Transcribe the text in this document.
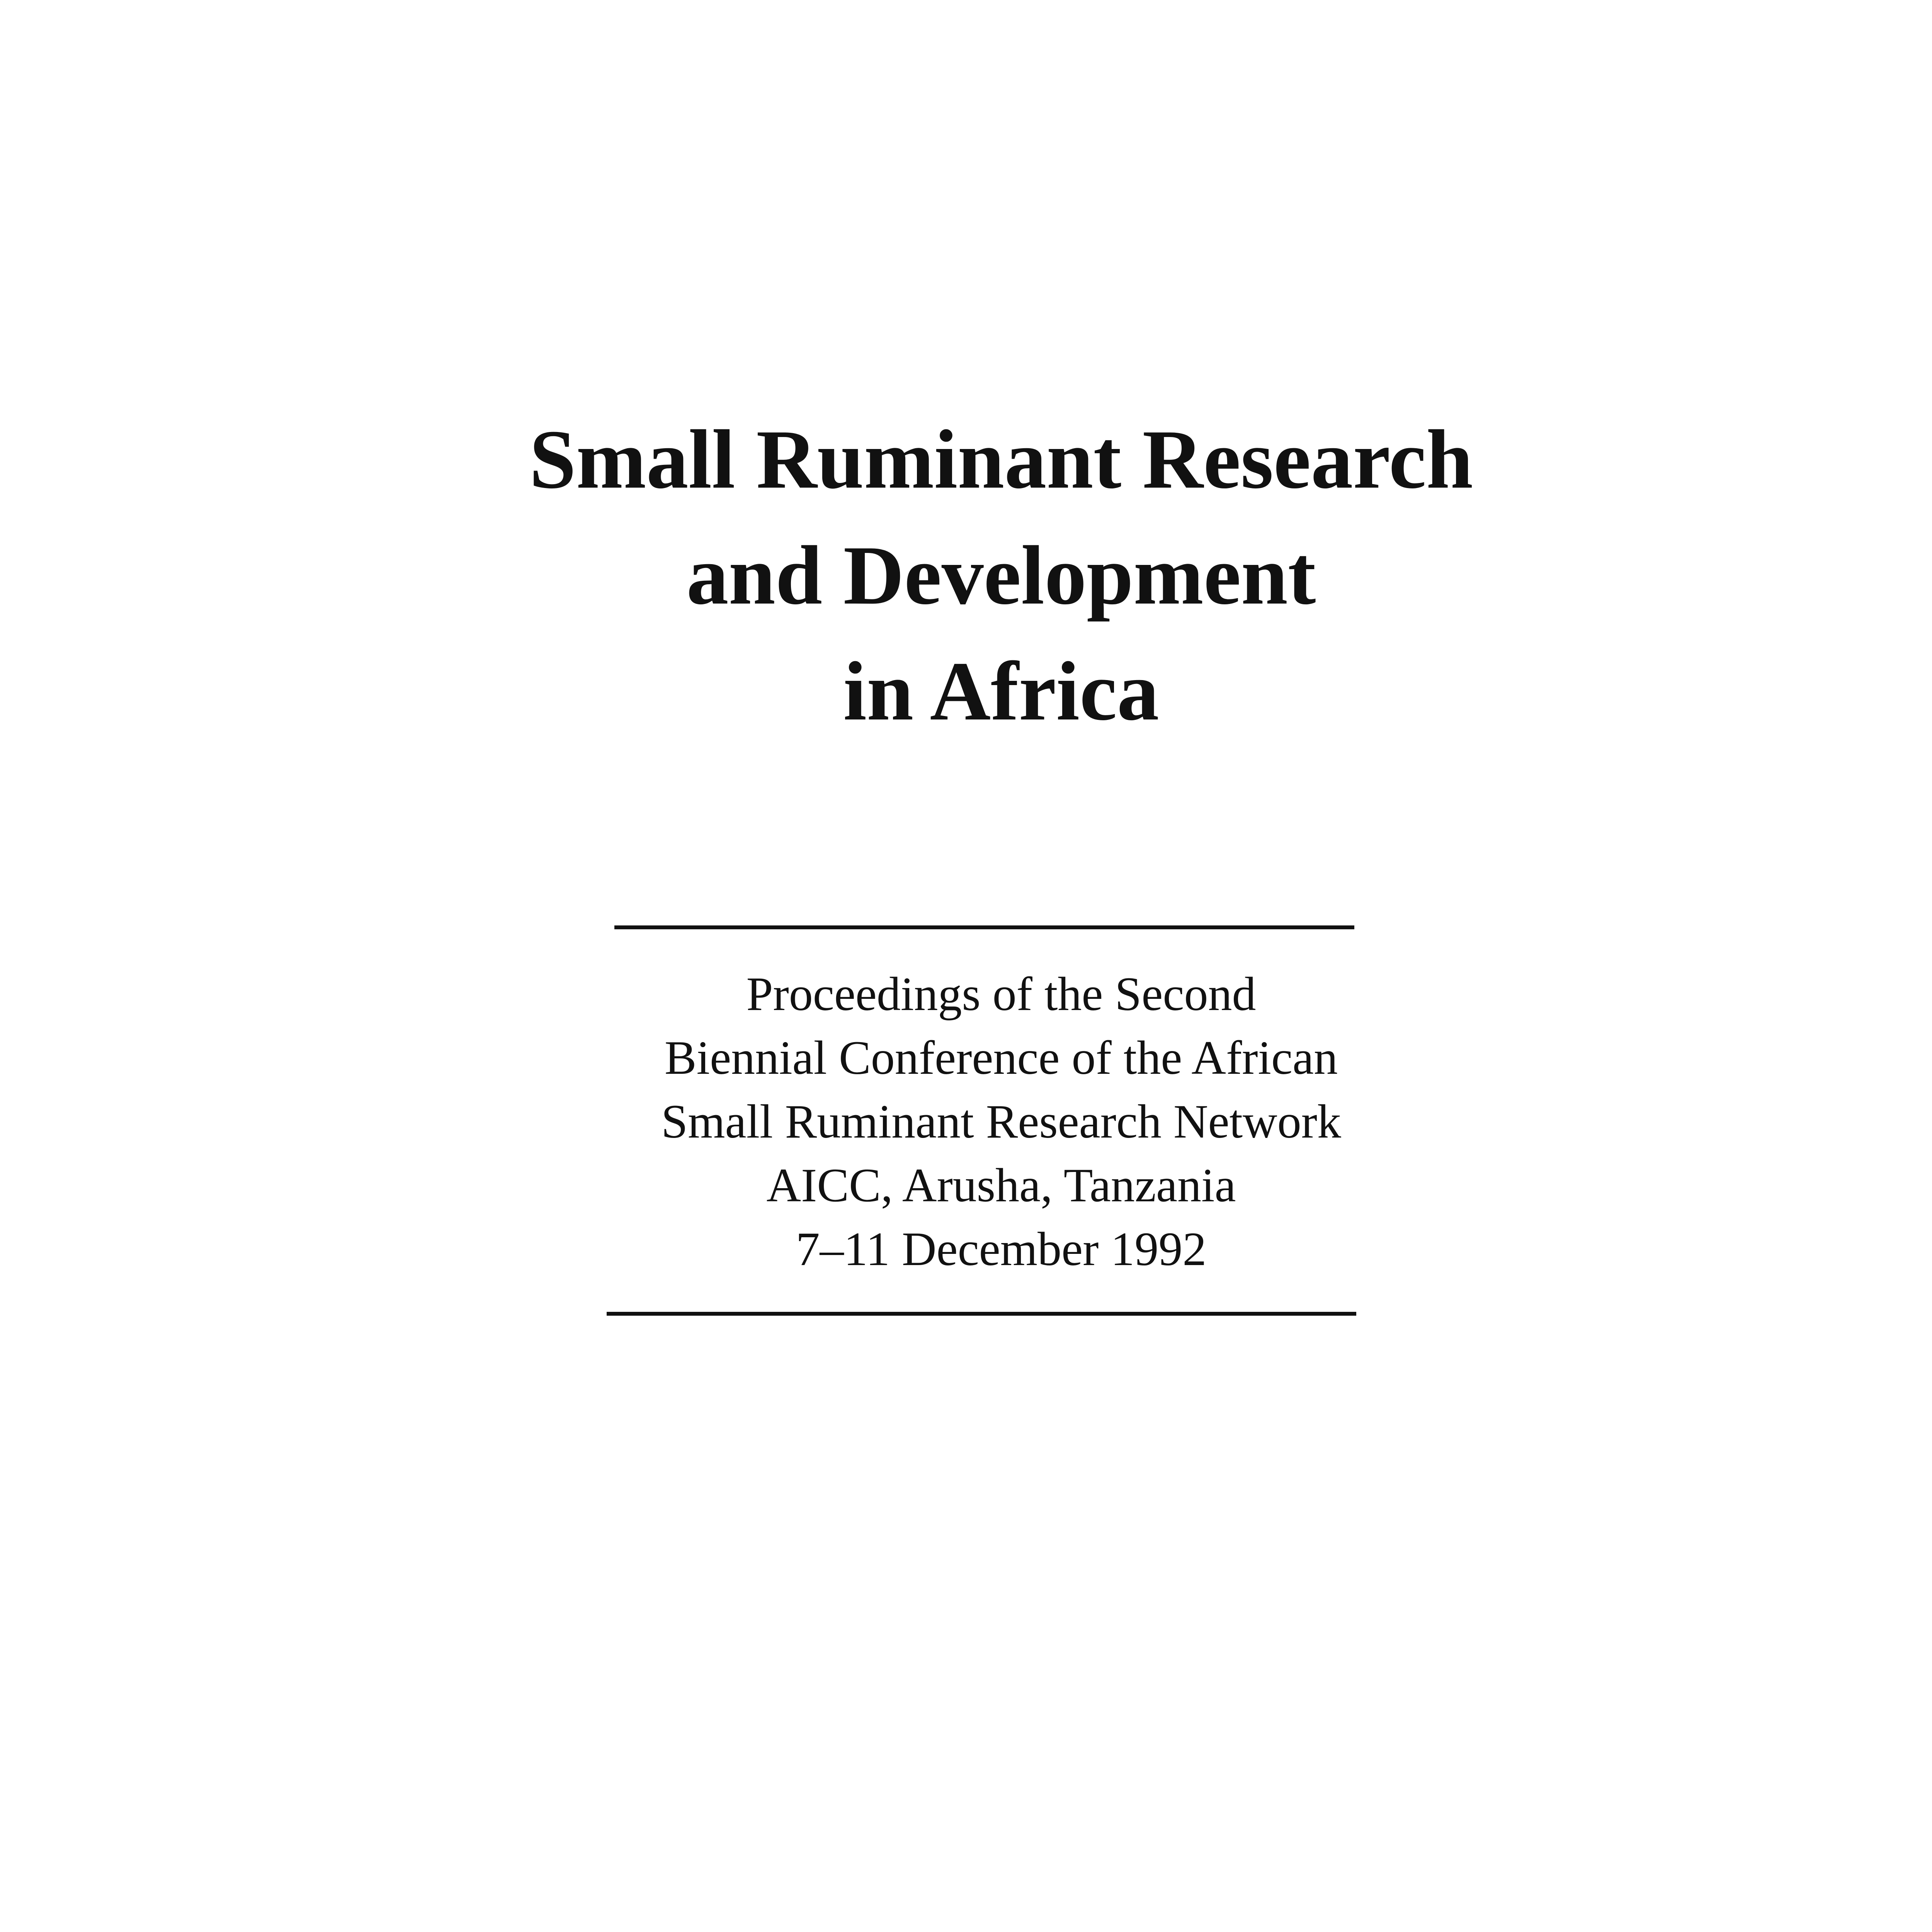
Small Ruminant Research
and Development
in Africa
Proceedings of the Second
Biennial Conference of the African
Small Ruminant Research Network
AICC, Arusha, Tanzania
7–11 December 1992
